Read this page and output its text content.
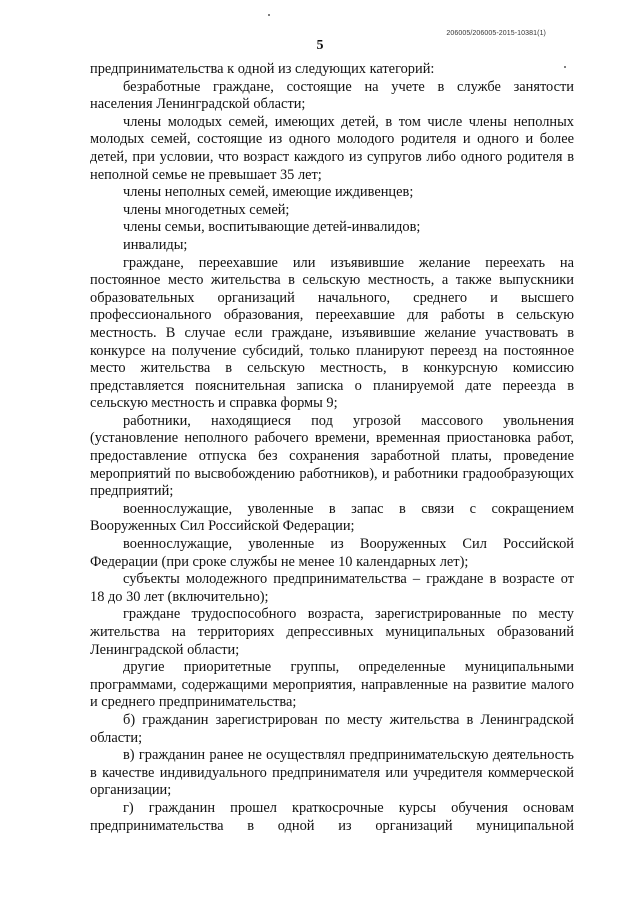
206005/206005-2015-10381(1)
5

предпринимательства к одной из следующих категорий:

безработные граждане, состоящие на учете в службе занятости населения Ленинградской области;

члены молодых семей, имеющих детей, в том числе члены неполных молодых семей, состоящие из одного молодого родителя и одного и более детей, при условии, что возраст каждого из супругов либо одного родителя в неполной семье не превышает 35 лет;

члены неполных семей, имеющие иждивенцев;

члены многодетных семей;

члены семьи, воспитывающие детей-инвалидов;

инвалиды;

граждане, переехавшие или изъявившие желание переехать на постоянное место жительства в сельскую местность, а также выпускники образовательных организаций начального, среднего и высшего профессионального образования, переехавшие для работы в сельскую местность. В случае если граждане, изъявившие желание участвовать в конкурсе на получение субсидий, только планируют переезд на постоянное место жительства в сельскую местность, в конкурсную комиссию представляется пояснительная записка о планируемой дате переезда в сельскую местность и справка формы 9;

работники, находящиеся под угрозой массового увольнения (установление неполного рабочего времени, временная приостановка работ, предоставление отпуска без сохранения заработной платы, проведение мероприятий по высвобождению работников), и работники градообразующих предприятий;

военнослужащие, уволенные в запас в связи с сокращением Вооруженных Сил Российской Федерации;

военнослужащие, уволенные из Вооруженных Сил Российской Федерации (при сроке службы не менее 10 календарных лет);

субъекты молодежного предпринимательства – граждане в возрасте от 18 до 30 лет (включительно);

граждане трудоспособного возраста, зарегистрированные по месту жительства на территориях депрессивных муниципальных образований Ленинградской области;

другие приоритетные группы, определенные муниципальными программами, содержащими мероприятия, направленные на развитие малого и среднего предпринимательства;

б) гражданин зарегистрирован по месту жительства в Ленинградской области;

в) гражданин ранее не осуществлял предпринимательскую деятельность в качестве индивидуального предпринимателя или учредителя коммерческой организации;

г) гражданин прошел краткосрочные курсы обучения основам предпринимательства в одной из организаций муниципальной
